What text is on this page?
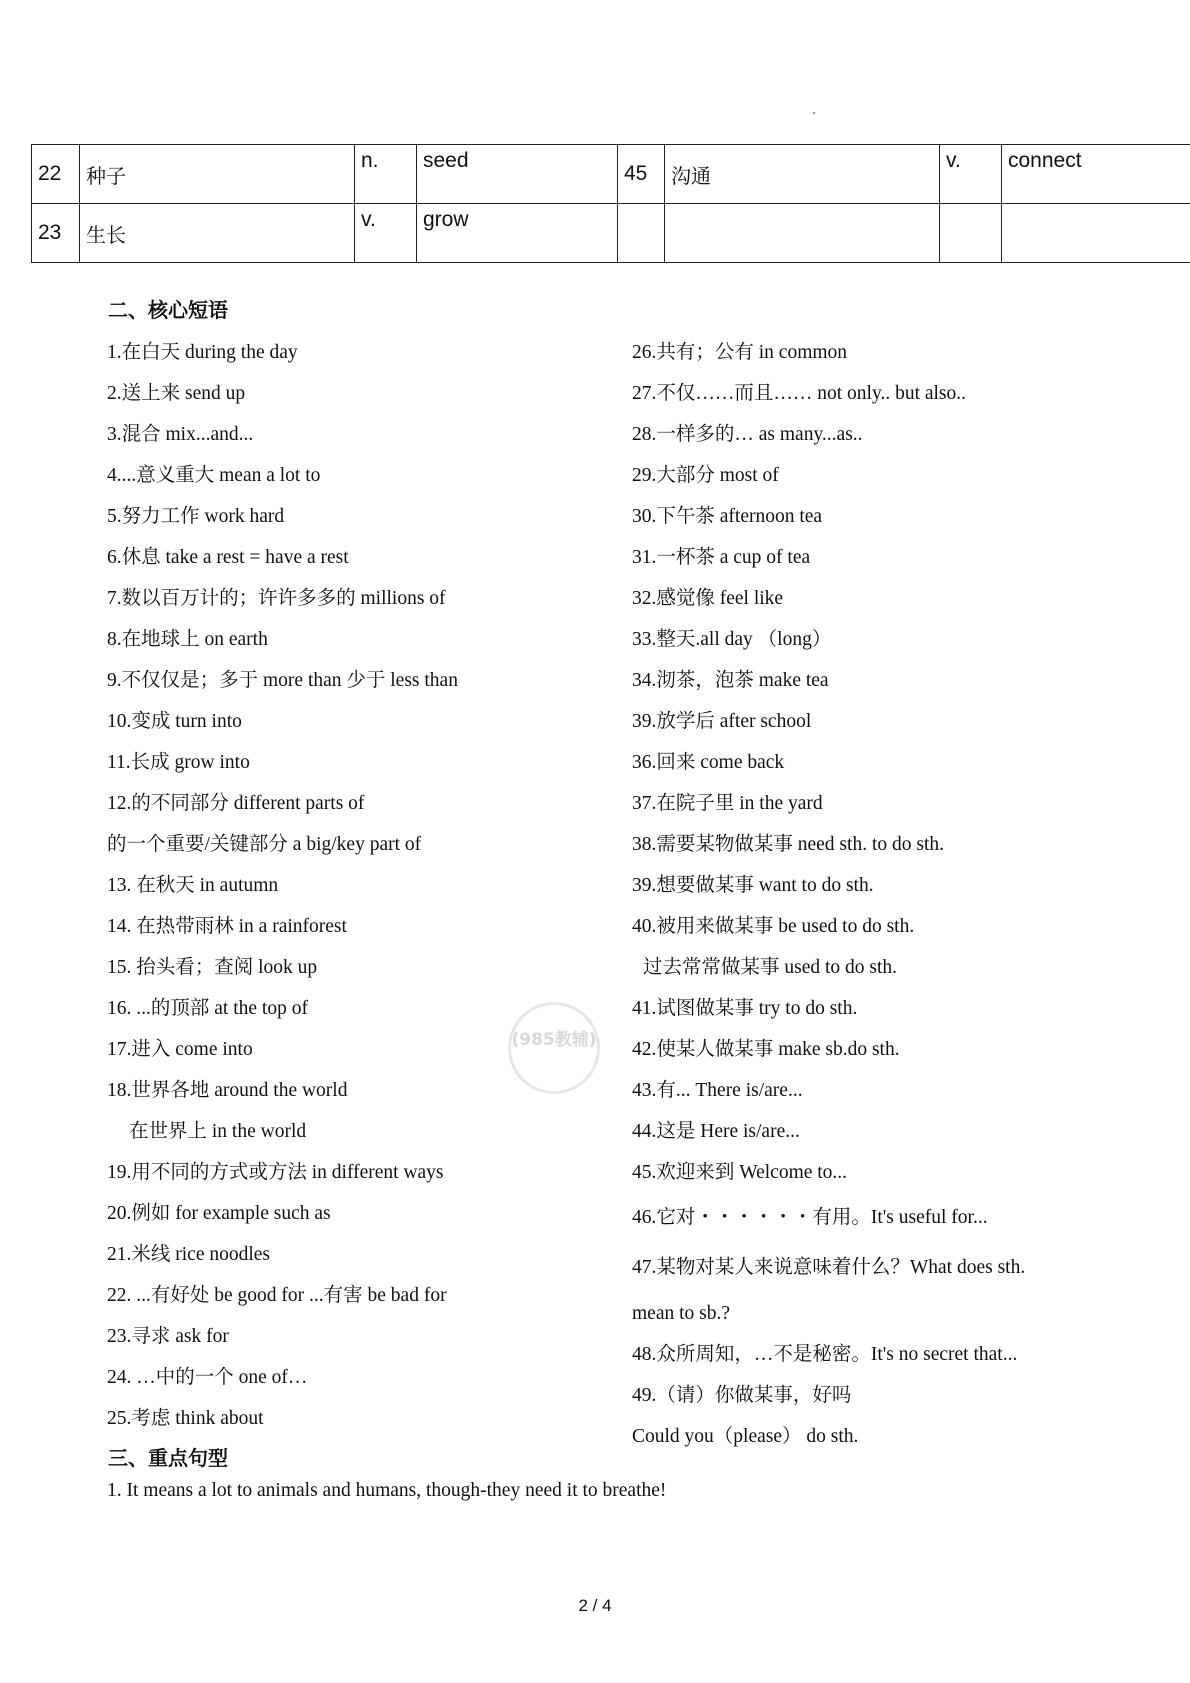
22	种子	n.	seed	45	沟通	v.	connect
23	生长	v.	grow				
二、核心短语
1.在白天 during the day
2.送上来 send up
3.混合 mix...and...
4....意义重大 mean a lot to
5.努力工作 work hard
6.休息 take a rest = have a rest
7.数以百万计的；许许多多的 millions of
8.在地球上 on earth
9.不仅仅是；多于 more than 少于 less than
10.变成 turn into
11.长成 grow into
12.的不同部分 different parts of
的一个重要/关键部分 a big/key part of
13. 在秋天 in autumn
14. 在热带雨林 in a rainforest
15. 抬头看；查阅 look up
16. ...的顶部 at the top of
17.进入 come into
18.世界各地 around the world
在世界上 in the world
19.用不同的方式或方法 in different ways
20.例如 for example such as
21.米线 rice noodles
22. ...有好处 be good for ...有害 be bad for
23.寻求 ask for
24. …中的一个 one of…
25.考虑 think about
26.共有；公有 in common
27.不仅……而且…… not only.. but also..
28.一样多的… as many...as..
29.大部分 most of
30.下午茶 afternoon tea
31.一杯茶 a cup of tea
32.感觉像 feel like
33.整天.all day （long）
34.沏茶，泡茶 make tea
39.放学后 after school
36.回来 come back
37.在院子里 in the yard
38.需要某物做某事 need sth. to do sth.
39.想要做某事 want to do sth.
40.被用来做某事 be used to do sth.
过去常常做某事 used to do sth.
41.试图做某事 try to do sth.
42.使某人做某事 make sb.do sth.
43.有... There is/are...
44.这是 Here is/are...
45.欢迎来到 Welcome to...
46.它对・・・・・・有用。It's useful for...
47.某物对某人来说意味着什么？What does sth.
mean to sb.?
48.众所周知，…不是秘密。It's no secret that...
49.（请）你做某事，好吗
Could you（please） do sth.
三、重点句型
1. It means a lot to animals and humans, though-they need it to breathe!
(985教辅)
2 / 4
